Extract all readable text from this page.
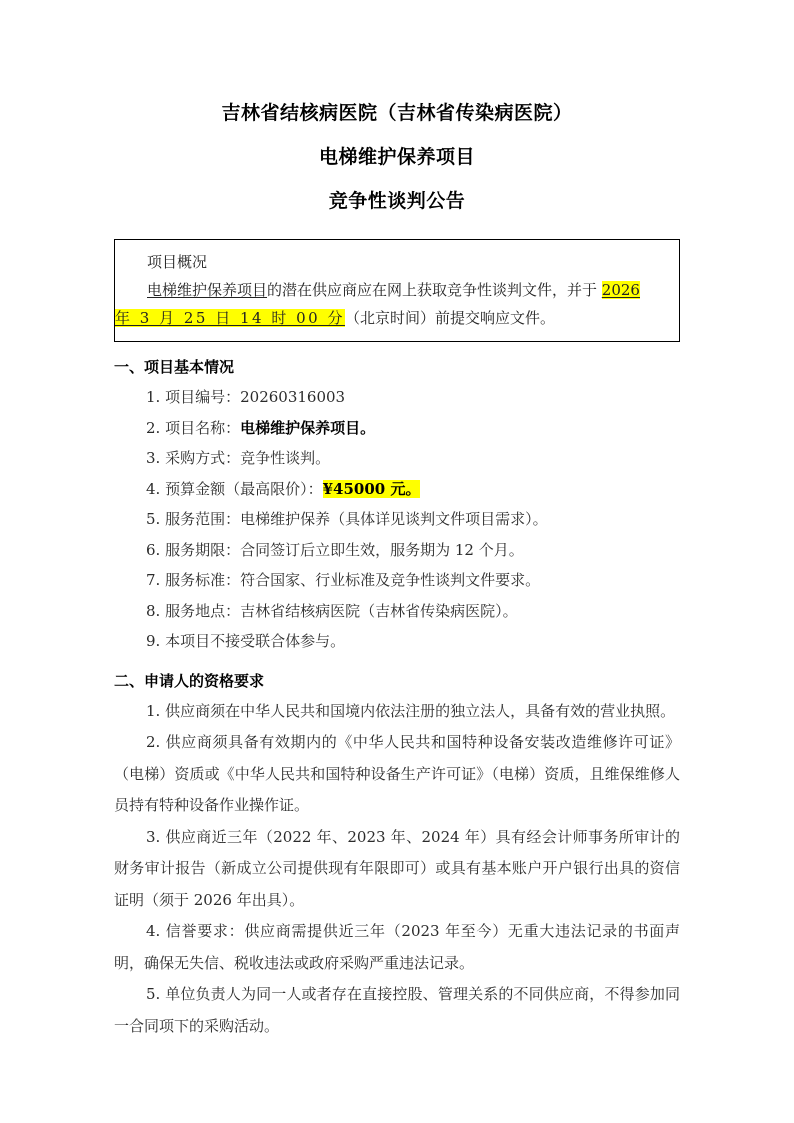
吉林省结核病医院（吉林省传染病医院）
电梯维护保养项目
竞争性谈判公告
项目概况
电梯维护保养项目的潜在供应商应在网上获取竞争性谈判文件，并于 2026
年 3 月 25 日 14 时 00 分（北京时间）前提交响应文件。
一、项目基本情况
1. 项目编号：20260316003
2. 项目名称：电梯维护保养项目。
3. 采购方式：竞争性谈判。
4. 预算金额（最高限价）：¥45000 元。
5. 服务范围：电梯维护保养（具体详见谈判文件项目需求）。
6. 服务期限：合同签订后立即生效，服务期为 12 个月。
7. 服务标准：符合国家、行业标准及竞争性谈判文件要求。
8. 服务地点：吉林省结核病医院（吉林省传染病医院）。
9. 本项目不接受联合体参与。
二、申请人的资格要求
1. 供应商须在中华人民共和国境内依法注册的独立法人，具备有效的营业执照。
2. 供应商须具备有效期内的《中华人民共和国特种设备安装改造维修许可证》（电梯）资质或《中华人民共和国特种设备生产许可证》（电梯）资质，且维保维修人员持有特种设备作业操作证。
3. 供应商近三年（2022 年、2023 年、2024 年）具有经会计师事务所审计的财务审计报告（新成立公司提供现有年限即可）或具有基本账户开户银行出具的资信证明（须于 2026 年出具）。
4. 信誉要求：供应商需提供近三年（2023 年至今）无重大违法记录的书面声明，确保无失信、税收违法或政府采购严重违法记录。
5. 单位负责人为同一人或者存在直接控股、管理关系的不同供应商，不得参加同一合同项下的采购活动。
